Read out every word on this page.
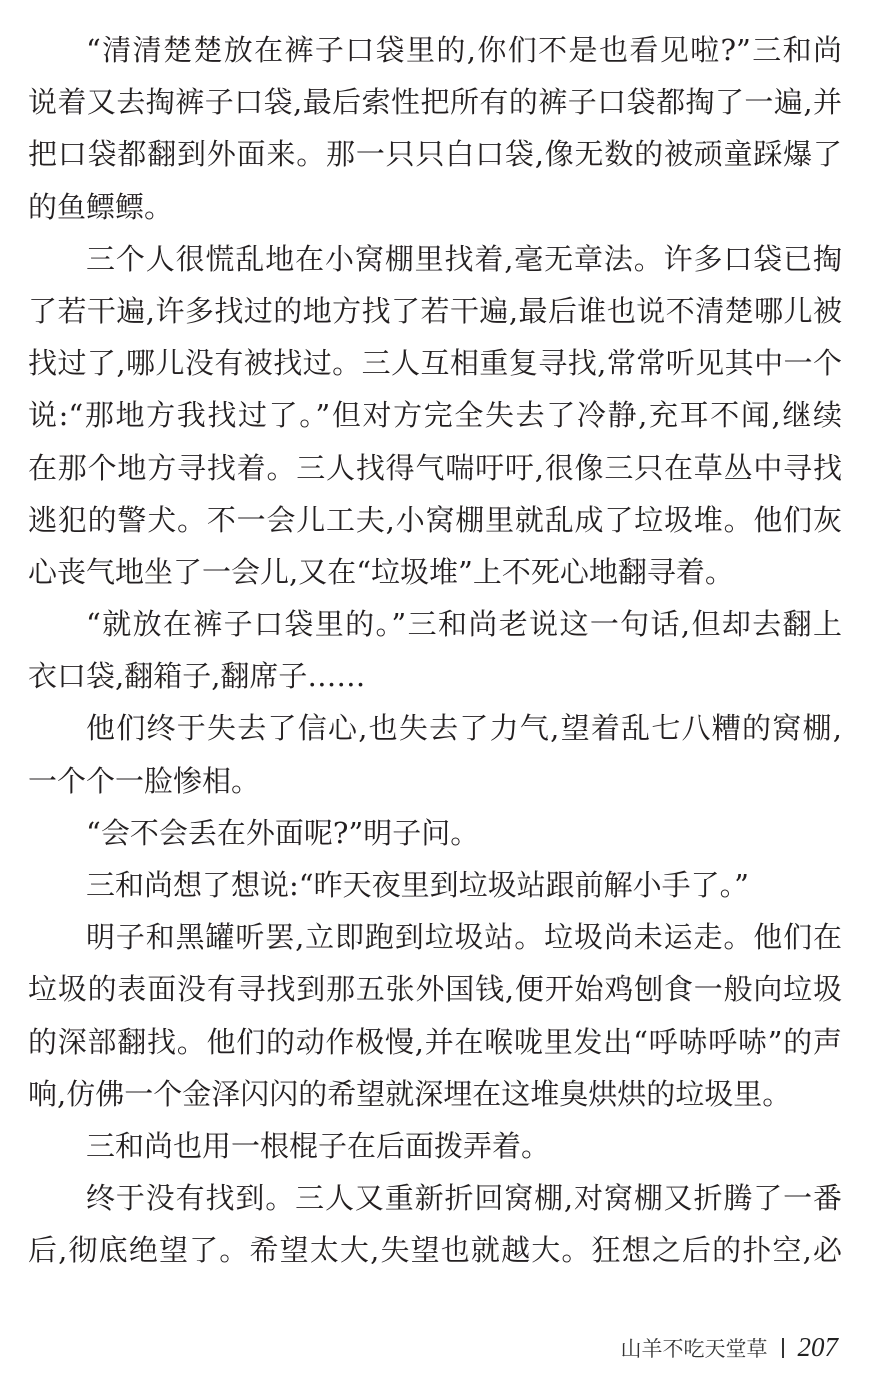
“清清楚楚放在裤子口袋里的,你们不是也看见啦?”三和尚
说着又去掏裤子口袋,最后索性把所有的裤子口袋都掏了一遍,并
把口袋都翻到外面来。那一只只白口袋,像无数的被顽童踩爆了
的鱼鳔鳔。
三个人很慌乱地在小窝棚里找着,毫无章法。许多口袋已掏
了若干遍,许多找过的地方找了若干遍,最后谁也说不清楚哪儿被
找过了,哪儿没有被找过。三人互相重复寻找,常常听见其中一个
说:“那地方我找过了。”但对方完全失去了冷静,充耳不闻,继续
在那个地方寻找着。三人找得气喘吁吁,很像三只在草丛中寻找
逃犯的警犬。不一会儿工夫,小窝棚里就乱成了垃圾堆。他们灰
心丧气地坐了一会儿,又在“垃圾堆”上不死心地翻寻着。
“就放在裤子口袋里的。”三和尚老说这一句话,但却去翻上
衣口袋,翻箱子,翻席子……
他们终于失去了信心,也失去了力气,望着乱七八糟的窝棚,
一个个一脸惨相。
“会不会丢在外面呢?”明子问。
三和尚想了想说:“昨天夜里到垃圾站跟前解小手了。”
明子和黑罐听罢,立即跑到垃圾站。垃圾尚未运走。他们在
垃圾的表面没有寻找到那五张外国钱,便开始鸡刨食一般向垃圾
的深部翻找。他们的动作极慢,并在喉咙里发出“呼哧呼哧”的声
响,仿佛一个金泽闪闪的希望就深埋在这堆臭烘烘的垃圾里。
三和尚也用一根棍子在后面拨弄着。
终于没有找到。三人又重新折回窝棚,对窝棚又折腾了一番
后,彻底绝望了。希望太大,失望也就越大。狂想之后的扑空,必
山羊不吃天堂草 207
